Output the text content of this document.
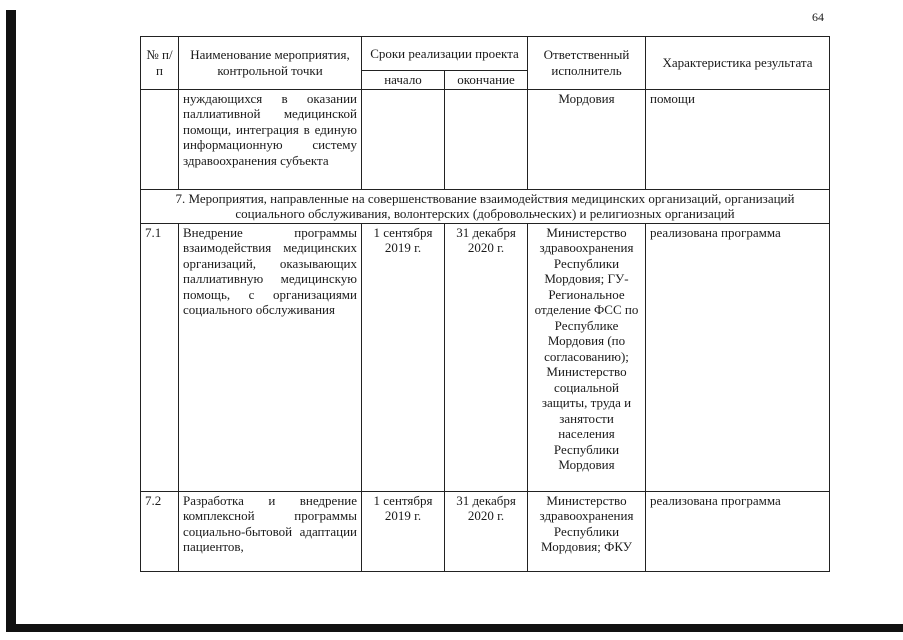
64
№ п/п	Наименование мероприятия, контрольной точки	Сроки реализации проекта		Ответственный исполнитель	Характеристика результата
		начало	окончание		
	нуждающихся в оказании паллиативной медицинской помощи, интеграция в единую информационную систему здравоохранения субъекта			Мордовия	помощи
7. Мероприятия, направленные на совершенствование взаимодействия медицинских организаций, организаций социального обслуживания, волонтерских (добровольческих) и религиозных организаций					
7.1	Внедрение программы взаимодействия медицинских организаций, оказывающих паллиативную медицинскую помощь, с организациями социального обслуживания	1 сентября 2019 г.	31 декабря 2020 г.	Министерство здравоохранения Республики Мордовия; ГУ-Региональное отделение ФСС по Республике Мордовия (по согласованию); Министерство социальной защиты, труда и занятости населения Республики Мордовия	реализована программа
7.2	Разработка и внедрение комплексной программы социально-бытовой адаптации пациентов,	1 сентября 2019 г.	31 декабря 2020 г.	Министерство здравоохранения Республики Мордовия; ФКУ	реализована программа
